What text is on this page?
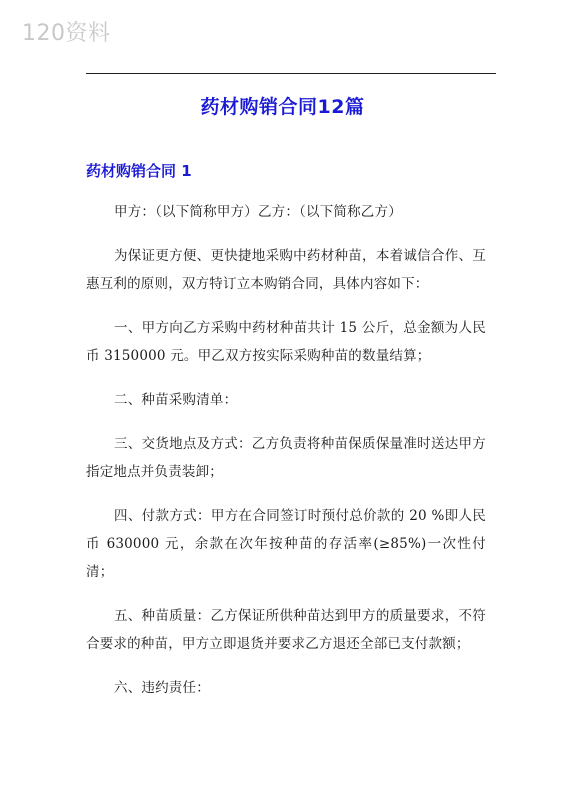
120资料
药材购销合同12篇
药材购销合同 1

甲方：（以下简称甲方）乙方：（以下简称乙方）

为保证更方便、更快捷地采购中药材种苗，本着诚信合作、互惠互利的原则，双方特订立本购销合同，具体内容如下：

一、甲方向乙方采购中药材种苗共计 15 公斤，总金额为人民币 3150000 元。甲乙双方按实际采购种苗的数量结算；

二、种苗采购清单：

三、交货地点及方式：乙方负责将种苗保质保量准时送达甲方指定地点并负责装卸；

四、付款方式：甲方在合同签订时预付总价款的 20 %即人民币 630000 元，余款在次年按种苗的存活率(≥85%)一次性付清；

五、种苗质量：乙方保证所供种苗达到甲方的质量要求，不符合要求的种苗，甲方立即退货并要求乙方退还全部已支付款额；

六、违约责任：
